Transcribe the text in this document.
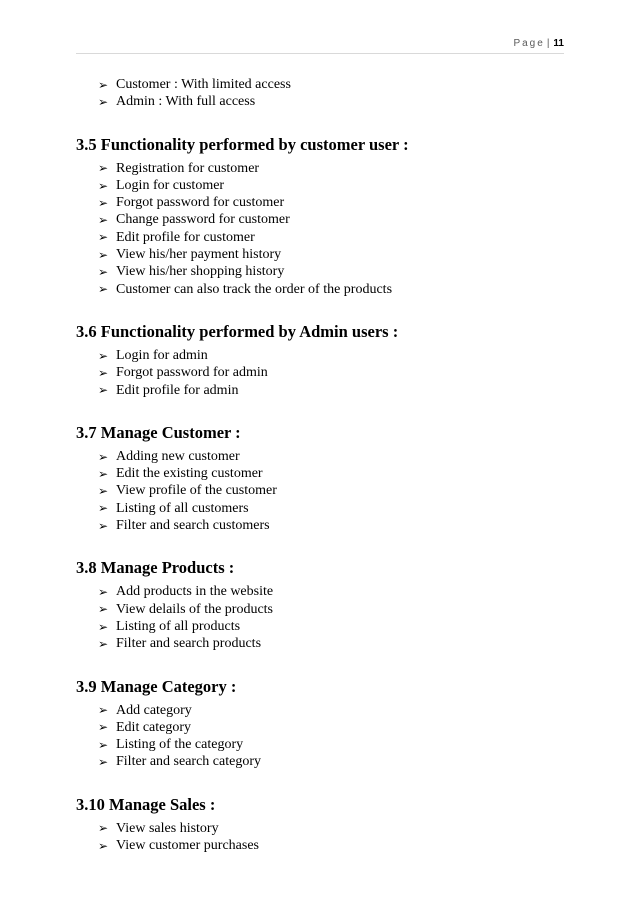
Page | 11
➢ Customer : With limited access
➢ Admin : With full access
3.5 Functionality performed by customer user :
➢ Registration for customer
➢ Login for customer
➢ Forgot password for customer
➢ Change password for customer
➢ Edit profile for customer
➢ View his/her payment history
➢ View his/her shopping history
➢ Customer can also track the order of the products
3.6 Functionality performed by Admin users :
➢ Login for admin
➢ Forgot password for admin
➢ Edit profile for admin
3.7 Manage Customer :
➢ Adding new customer
➢ Edit the existing customer
➢ View profile of the customer
➢ Listing of all customers
➢ Filter and search customers
3.8 Manage Products :
➢ Add products in the website
➢ View delails of the products
➢ Listing of all products
➢ Filter and search products
3.9 Manage Category :
➢ Add category
➢ Edit category
➢ Listing of the category
➢ Filter and search category
3.10 Manage Sales :
➢ View sales history
➢ View customer purchases
